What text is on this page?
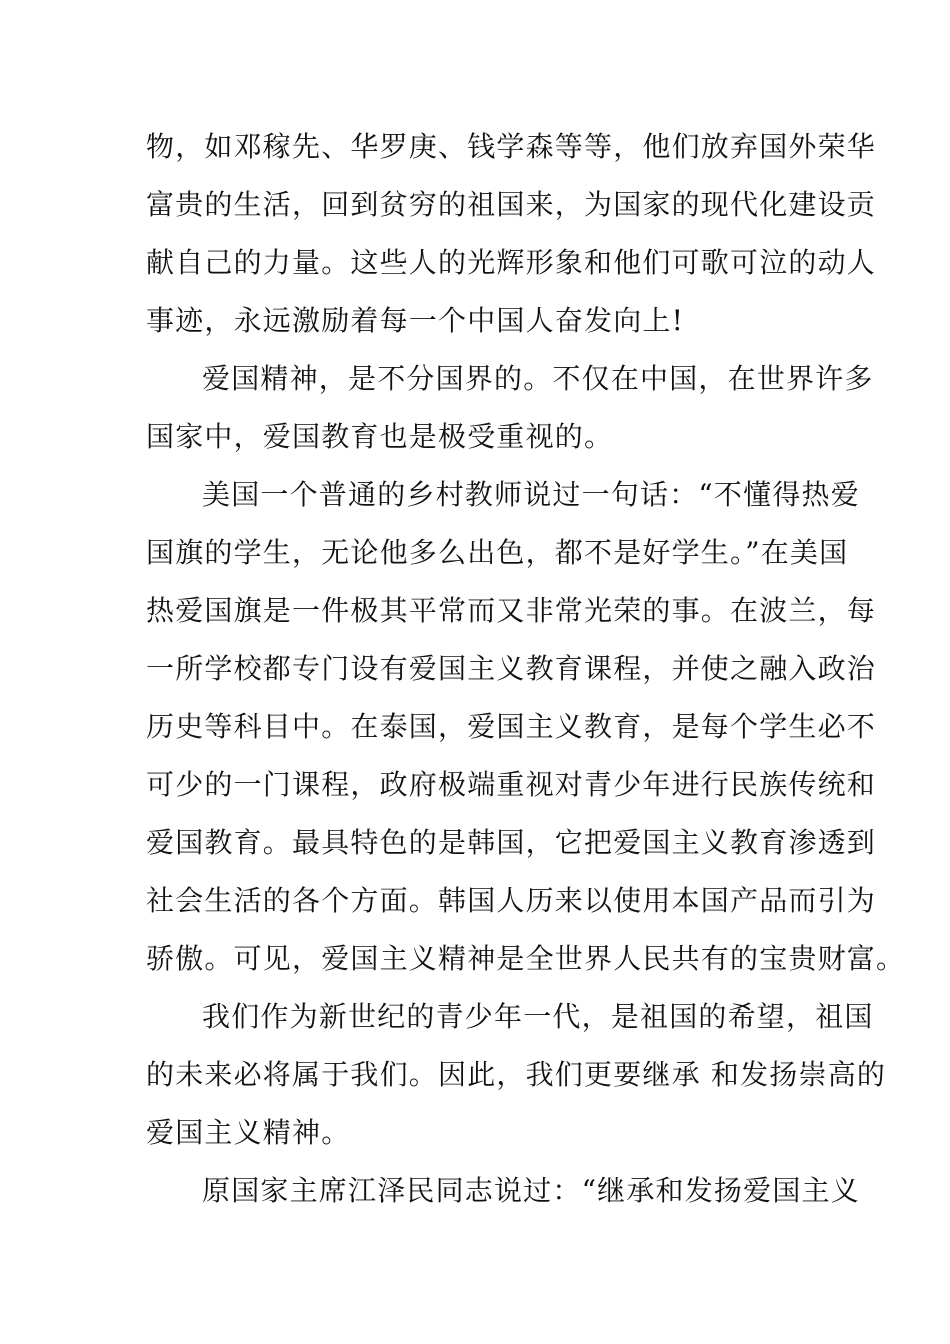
物，如邓稼先、华罗庚、钱学森等等，他们放弃国外荣华
富贵的生活，回到贫穷的祖国来，为国家的现代化建设贡
献自己的力量。这些人的光辉形象和他们可歌可泣的动人
事迹，永远激励着每一个中国人奋发向上!
爱国精神，是不分国界的。不仅在中国，在世界许多
国家中，爱国教育也是极受重视的。
美国一个普通的乡村教师说过一句话：“不懂得热爱
国旗的学生，无论他多么出色，都不是好学生。”在美国
热爱国旗是一件极其平常而又非常光荣的事。在波兰，每
一所学校都专门设有爱国主义教育课程，并使之融入政治
历史等科目中。在泰国，爱国主义教育，是每个学生必不
可少的一门课程，政府极端重视对青少年进行民族传统和
爱国教育。最具特色的是韩国，它把爱国主义教育渗透到
社会生活的各个方面。韩国人历来以使用本国产品而引为
骄傲。可见，爱国主义精神是全世界人民共有的宝贵财富。
我们作为新世纪的青少年一代，是祖国的希望，祖国
的未来必将属于我们。因此，我们更要继承 和发扬崇高的
爱国主义精神。
原国家主席江泽民同志说过：“继承和发扬爱国主义
